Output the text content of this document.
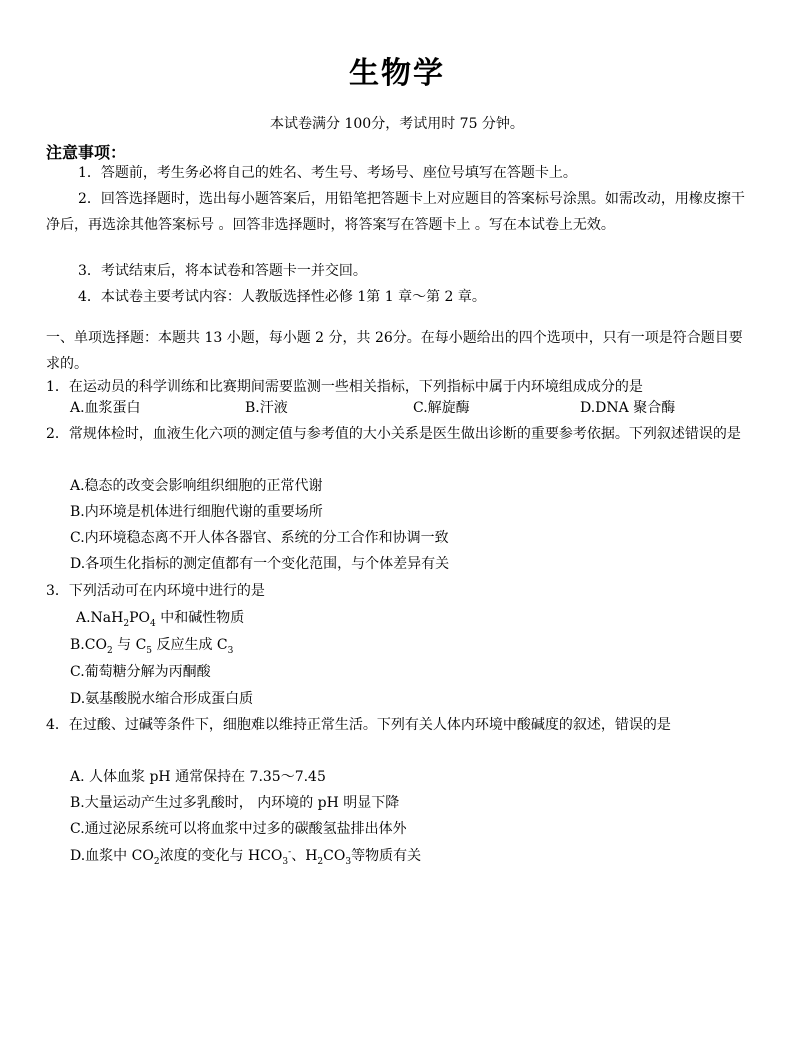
生物学
本试卷满分 100分，考试用时 75 分钟。
注意事项：
1．答题前，考生务必将自己的姓名、考生号、考场号、座位号填写在答题卡上。
2．回答选择题时，选出每小题答案后，用铅笔把答题卡上对应题目的答案标号涂黑。如需改动，用橡皮擦干净后，再选涂其他答案标号 。回答非选择题时，将答案写在答题卡上 。写在本试卷上无效。
3．考试结束后，将本试卷和答题卡一并交回。
4．本试卷主要考试内容：人教版选择性必修 1第 1 章～第 2 章。
一、单项选择题：本题共 13 小题，每小题 2 分，共 26分。在每小题给出的四个选项中，只有一项是符合题目要求的。
1．在运动员的科学训练和比赛期间需要监测一些相关指标，下列指标中属于内环境组成成分的是
A.血浆蛋白	B.汗液	C.解旋酶	D.DNA 聚合酶
2．常规体检时，血液生化六项的测定值与参考值的大小关系是医生做出诊断的重要参考依据。下列叙述错误的是
A.稳态的改变会影响组织细胞的正常代谢
B.内环境是机体进行细胞代谢的重要场所
C.内环境稳态离不开人体各器官、系统的分工合作和协调一致
D.各项生化指标的测定值都有一个变化范围，与个体差异有关
3．下列活动可在内环境中进行的是
$A.NaH_2PO_4$ 中和碱性物质
$B.CO_2$ 与 $C_5$ 反应生成 $C_3$
C.葡萄糖分解为丙酮酸
D.氨基酸脱水缩合形成蛋白质
4．在过酸、过碱等条件下，细胞难以维持正常生活。下列有关人体内环境中酸碱度的叙述，错误的是
A. 人体血浆 pH 通常保持在 7.35～7.45
B.大量运动产生过多乳酸时， 内环境的 pH 明显下降
C.通过泌尿系统可以将血浆中过多的碳酸氢盐排出体外
D.血浆中 $CO_2$浓度的变化与 $HCO_3^-$、$H_2CO_3$等物质有关
